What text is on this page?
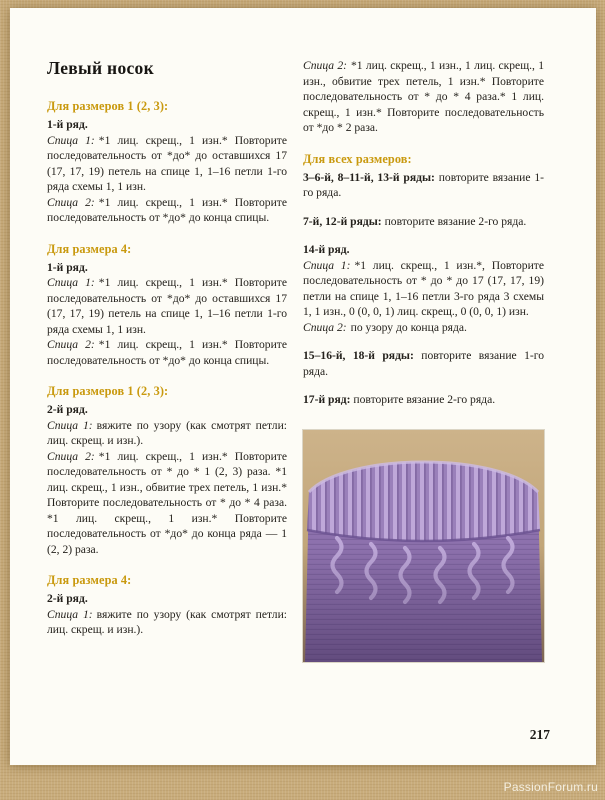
Левый носок
Для размеров 1 (2, 3):

1-й ряд.

Спица 1: *1 лиц. скрещ., 1 изн.* Повторите последовательность от *до* до оставшихся 17 (17, 17, 19) петель на спице 1, 1–16 петли 1-го ряда схемы 1, 1 изн.

Спица 2: *1 лиц. скрещ., 1 изн.* Повторите последовательность от *до* до конца спицы.

Для размера 4:

1-й ряд.

Спица 1: *1 лиц. скрещ., 1 изн.* Повторите последовательность от *до* до оставшихся 17 (17, 17, 19) петель на спице 1, 1–16 петли 1-го ряда схемы 1, 1 изн.

Спица 2: *1 лиц. скрещ., 1 изн.* Повторите последовательность от *до* до конца спицы.

Для размеров 1 (2, 3):

2-й ряд.

Спица 1: вяжите по узору (как смотрят петли: лиц. скрещ. и изн.).

Спица 2: *1 лиц. скрещ., 1 изн.* Повторите последовательность от * до * 1 (2, 3) раза. *1 лиц. скрещ., 1 изн., обвитие трех петель, 1 изн.* Повторите последовательность от * до * 4 раза. *1 лиц. скрещ., 1 изн.* Повторите последовательность от *до* до конца ряда — 1 (2, 2) раза.

Для размера 4:

2-й ряд.

Спица 1: вяжите по узору (как смотрят петли: лиц. скрещ. и изн.).

Спица 2: *1 лиц. скрещ., 1 изн., 1 лиц. скрещ., 1 изн., обвитие трех петель, 1 изн.* Повторите последовательность от * до * 4 раза.* 1 лиц. скрещ., 1 изн.* Повторите последовательность от *до * 2 раза.

Для всех размеров:

3–6-й, 8–11-й, 13-й ряды: повторите вязание 1-го ряда.

7-й, 12-й ряды: повторите вязание 2-го ряда.

14-й ряд.

Спица 1: *1 лиц. скрещ., 1 изн.*, Повторите последовательность от * до * до 17 (17, 17, 19) петли на спице 1, 1–16 петли 3-го ряда 3 схемы 1, 1 изн., 0 (0, 0, 1) лиц. скрещ., 0 (0, 0, 1) изн.

Спица 2: по узору до конца ряда.

15–16-й, 18-й ряды: повторите вязание 1-го ряда.

17-й ряд: повторите вязание 2-го ряда.

217
PassionForum.ru
